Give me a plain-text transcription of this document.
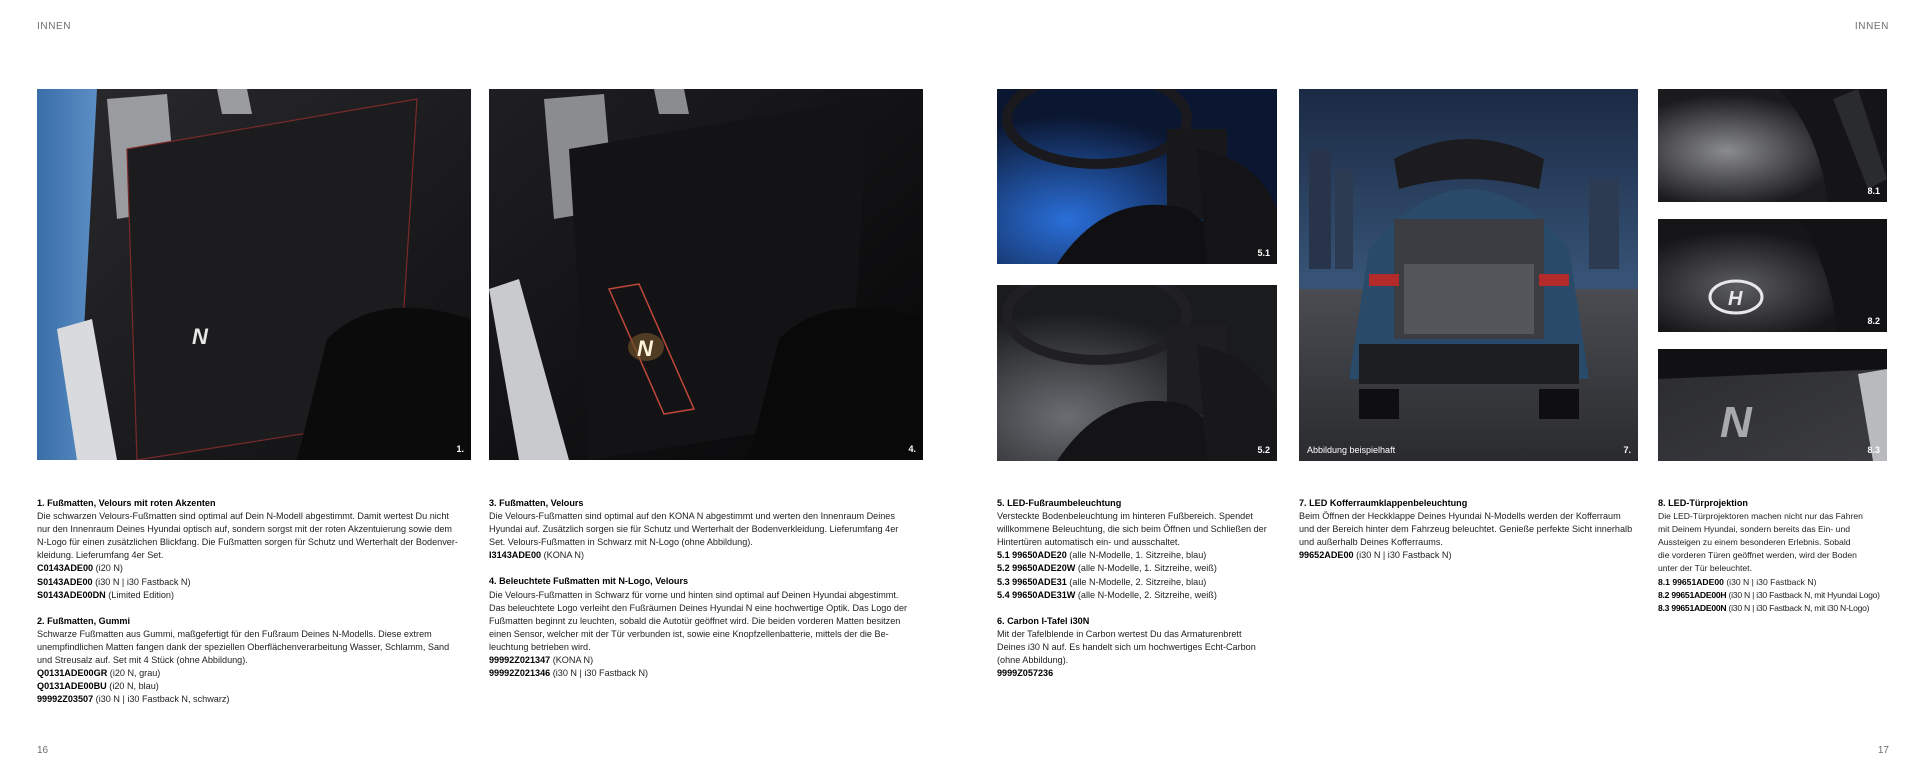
INNEN	INNEN
16	17
N
1.
N
4.
5.1
5.2	Abbildung beispielhaft	7.
8.1
H
8.2
N
8.3

1. Fußmatten, Velours mit roten Akzenten

Die schwarzen Velours-Fußmatten sind optimal auf Dein N-Modell abgestimmt. Damit wertest Du nicht

nur den Innenraum Deines Hyundai optisch auf, sondern sorgst mit der roten Akzentuierung sowie dem

N-Logo für einen zusätzlichen Blickfang. Die Fußmatten sorgen für Schutz und Werterhalt der Bodenver-

kleidung. Lieferumfang 4er Set.

C0143ADE00 (i20 N)

S0143ADE00 (i30 N | i30 Fastback N)

S0143ADE00DN (Limited Edition)

2. Fußmatten, Gummi

Schwarze Fußmatten aus Gummi, maßgefertigt für den Fußraum Deines N-Modells. Diese extrem

unempfindlichen Matten fangen dank der speziellen Oberflächenverarbeitung Wasser, Schlamm, Sand

und Streusalz auf. Set mit 4 Stück (ohne Abbildung).

Q0131ADE00GR (i20 N, grau)

Q0131ADE00BU (i20 N, blau)

99992Z03507 (i30 N | i30 Fastback N, schwarz)

3. Fußmatten, Velours

Die Velours-Fußmatten sind optimal auf den KONA N abgestimmt und werten den Innenraum Deines

Hyundai auf. Zusätzlich sorgen sie für Schutz und Werterhalt der Bodenverkleidung. Lieferumfang 4er

Set. Velours-Fußmatten in Schwarz mit N-Logo (ohne Abbildung).

I3143ADE00 (KONA N)

4. Beleuchtete Fußmatten mit N-Logo, Velours

Die Velours-Fußmatten in Schwarz für vorne und hinten sind optimal auf Deinen Hyundai abgestimmt.

Das beleuchtete Logo verleiht den Fußräumen Deines Hyundai N eine hochwertige Optik. Das Logo der

Fußmatten beginnt zu leuchten, sobald die Autotür geöffnet wird. Die beiden vorderen Matten besitzen

einen Sensor, welcher mit der Tür verbunden ist, sowie eine Knopfzellenbatterie, mittels der die Be-

leuchtung betrieben wird.

99992Z021347 (KONA N)

99992Z021346 (i30 N | i30 Fastback N)

5. LED-Fußraumbeleuchtung

Versteckte Bodenbeleuchtung im hinteren Fußbereich. Spendet

willkommene Beleuchtung, die sich beim Öffnen und Schließen der

Hintertüren automatisch ein- und ausschaltet.

5.1 99650ADE20 (alle N-Modelle, 1. Sitzreihe, blau)

5.2 99650ADE20W (alle N-Modelle, 1. Sitzreihe, weiß)

5.3 99650ADE31 (alle N-Modelle, 2. Sitzreihe, blau)

5.4 99650ADE31W (alle N-Modelle, 2. Sitzreihe, weiß)

6. Carbon I-Tafel i30N

Mit der Tafelblende in Carbon wertest Du das Armaturenbrett

Deines i30 N auf. Es handelt sich um hochwertiges Echt-Carbon

(ohne Abbildung).

9999Z057236

7. LED Kofferraumklappenbeleuchtung

Beim Öffnen der Heckklappe Deines Hyundai N-Modells werden der Kofferraum

und der Bereich hinter dem Fahrzeug beleuchtet. Genieße perfekte Sicht innerhalb

und außerhalb Deines Kofferraums.

99652ADE00 (i30 N | i30 Fastback N)

8. LED-Türprojektion

Die LED-Türprojektoren machen nicht nur das Fahren

mit Deinem Hyundai, sondern bereits das Ein- und

Aussteigen zu einem besonderen Erlebnis. Sobald

die vorderen Türen geöffnet werden, wird der Boden

unter der Tür beleuchtet.

8.1 99651ADE00 (i30 N | i30 Fastback N)

8.2 99651ADE00H (i30 N | i30 Fastback N, mit Hyundai Logo)

8.3 99651ADE00N (i30 N | i30 Fastback N, mit i30 N-Logo)
